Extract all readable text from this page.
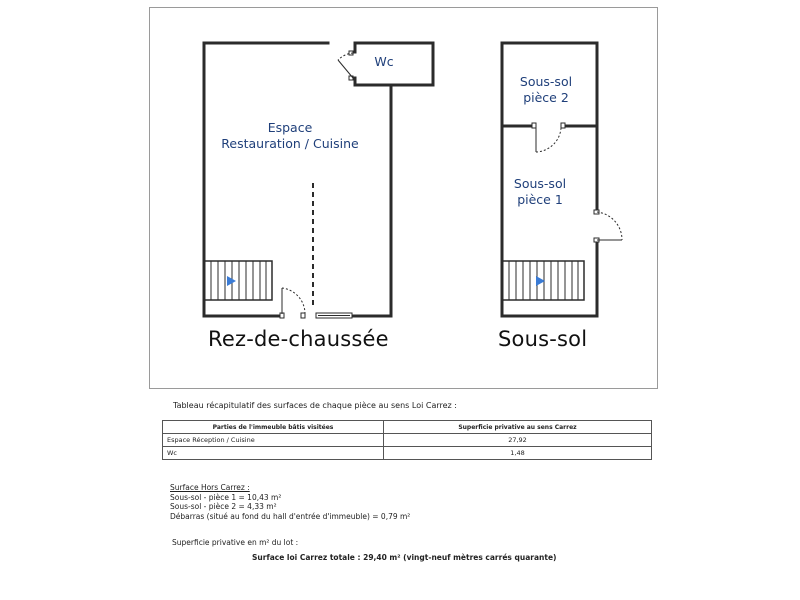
Wc
Espace
Restauration / Cuisine
Sous-sol
pièce 2
Sous-sol
pièce 1
Rez-de-chaussée	Sous-sol
Tableau récapitulatif des surfaces de chaque pièce au sens Loi Carrez :
Parties de l'immeuble bâtis visitées	Superficie privative au sens Carrez
Espace Réception / Cuisine	27,92
Wc	1,48
Surface Hors Carrez :
Sous-sol - pièce 1 = 10,43 m²
Sous-sol - pièce 2 = 4,33 m²
Débarras (situé au fond du hall d'entrée d'immeuble) = 0,79 m²
Superficie privative en m² du lot :
Surface loi Carrez totale : 29,40 m² (vingt-neuf mètres carrés quarante)
